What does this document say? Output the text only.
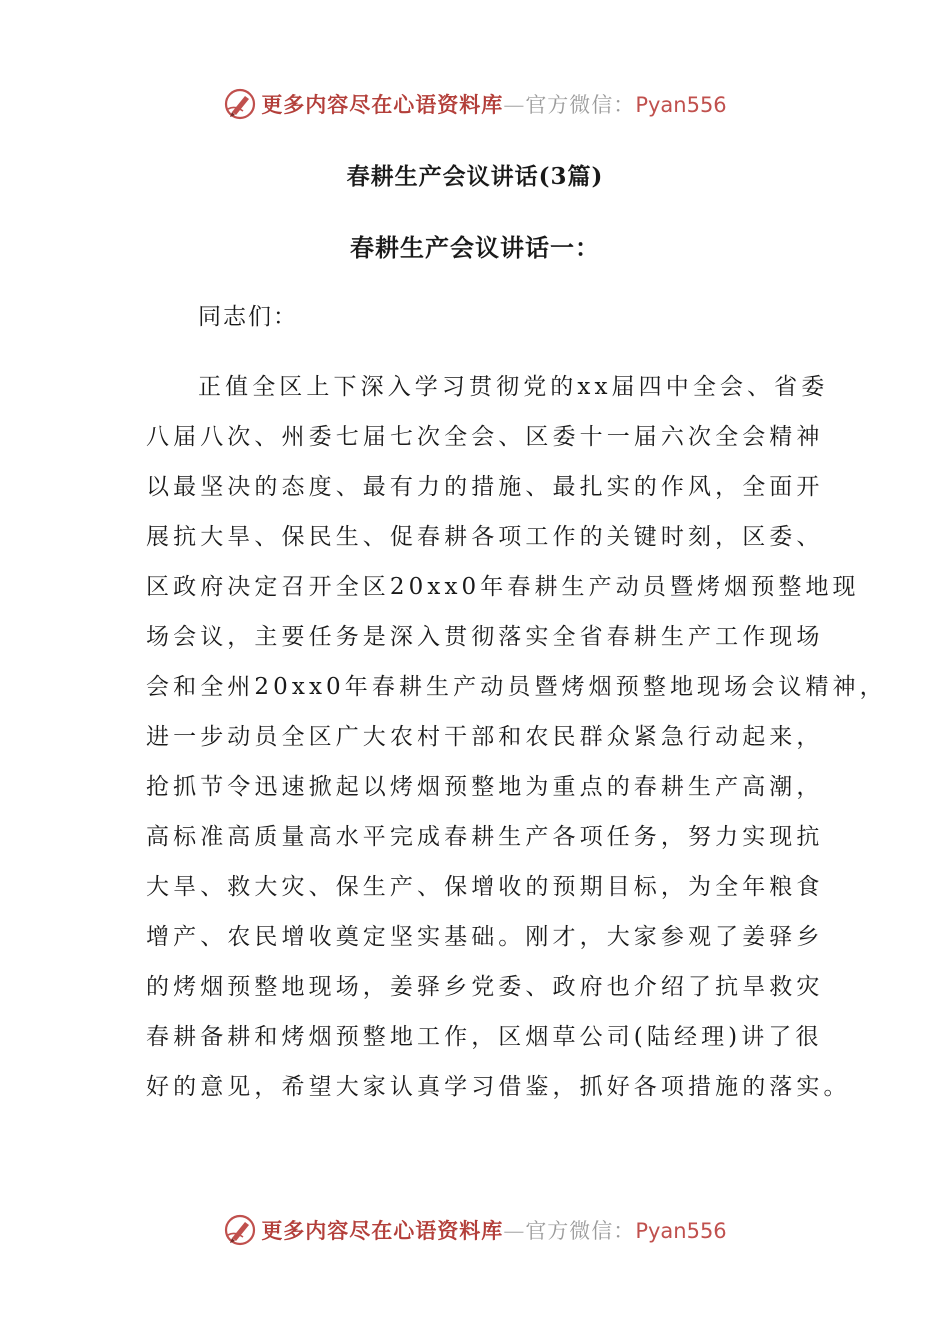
更多内容尽在心语资料库—官方微信：Pyan556
春耕生产会议讲话(3篇)
春耕生产会议讲话一：

同志们：

正值全区上下深入学习贯彻党的xx届四中全会、省委
八届八次、州委七届七次全会、区委十一届六次全会精神
以最坚决的态度、最有力的措施、最扎实的作风，全面开
展抗大旱、保民生、促春耕各项工作的关键时刻，区委、
区政府决定召开全区20xx0年春耕生产动员暨烤烟预整地现
场会议，主要任务是深入贯彻落实全省春耕生产工作现场
会和全州20xx0年春耕生产动员暨烤烟预整地现场会议精神，
进一步动员全区广大农村干部和农民群众紧急行动起来，
抢抓节令迅速掀起以烤烟预整地为重点的春耕生产高潮，
高标准高质量高水平完成春耕生产各项任务，努力实现抗
大旱、救大灾、保生产、保增收的预期目标，为全年粮食
增产、农民增收奠定坚实基础。刚才，大家参观了姜驿乡
的烤烟预整地现场，姜驿乡党委、政府也介绍了抗旱救灾
春耕备耕和烤烟预整地工作，区烟草公司(陆经理)讲了很
好的意见，希望大家认真学习借鉴，抓好各项措施的落实。
更多内容尽在心语资料库—官方微信：Pyan556
